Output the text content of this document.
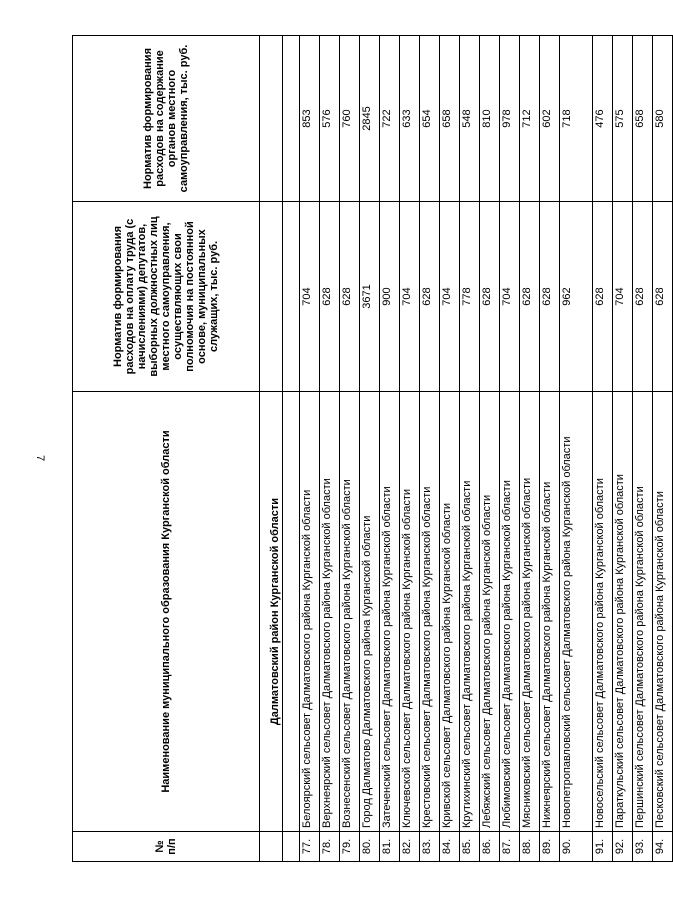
7
№ п/п	Наименование муниципального образования Курганской области	Норматив формирования расходов на оплату труда (с начислениями) депутатов, выборных должностных лиц местного самоуправления, осуществляющих свои полномочия на постоянной основе, муниципальных служащих, тыс. руб.	Норматив формирования расходов на содержание органов местного самоуправления, тыс. руб.
	Далматовский район Курганской области		

77.	Белоярский сельсовет Далматовского района Курганской области	704	853
78.	Верхнеярский сельсовет Далматовского района Курганской области	628	576
79.	Вознесенский сельсовет Далматовского района Курганской области	628	760
80.	Город Далматово Далматовского района Курганской области	3671	2845
81.	Затеченский сельсовет Далматовского района Курганской области	900	722
82.	Ключевской сельсовет Далматовского района Курганской области	704	633
83.	Крестовский сельсовет Далматовского района Курганской области	628	654
84.	Кривской сельсовет Далматовского района Курганской области	704	658
85.	Крутихинский сельсовет Далматовского района Курганской области	778	548
86.	Лебяжский сельсовет Далматовского района Курганской области	628	810
87.	Любимовский сельсовет Далматовского района Курганской области	704	978
88.	Мясниковский сельсовет Далматовского района Курганской области	628	712
89.	Нижнеярский сельсовет Далматовского района Курганской области	628	602
90.	Новопетропавловский сельсовет Далматовского района Курганской области	962	718
91.	Новосельский сельсовет Далматовского района Курганской области	628	476
92.	Параткульский сельсовет Далматовского района Курганской области	704	575
93.	Першинский сельсовет Далматовского района Курганской области	628	658
94.	Песковский сельсовет Далматовского района Курганской области	628	580
